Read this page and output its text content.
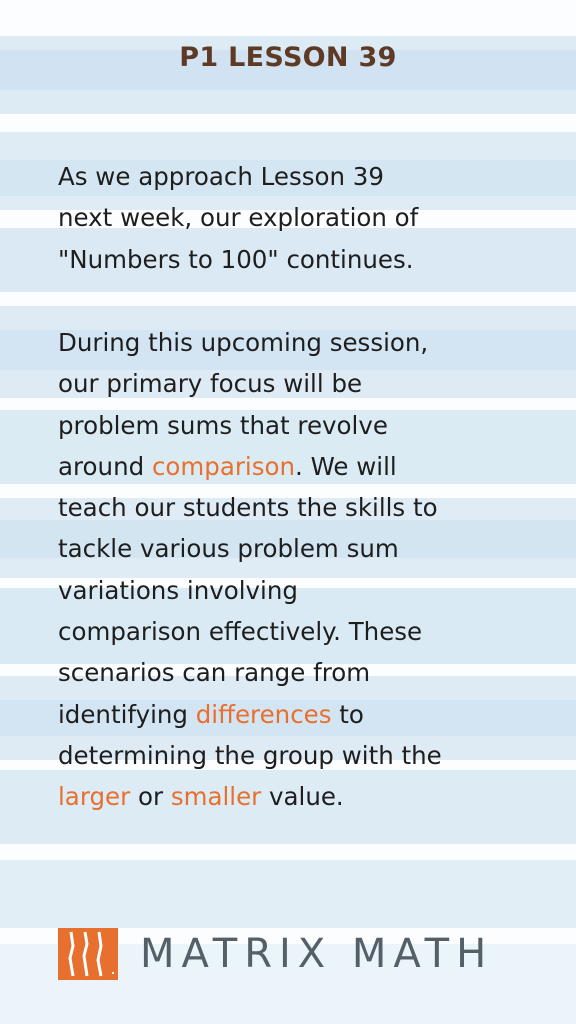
P1 LESSON 39

As we approach Lesson 39
next week, our exploration of
"Numbers to 100" continues.

During this upcoming session,
our primary focus will be
problem sums that revolve
around comparison. We will
teach our students the skills to
tackle various problem sum
variations involving
comparison effectively. These
scenarios can range from
identifying differences to
determining the group with the
larger or smaller value.

MATRIX MATH
